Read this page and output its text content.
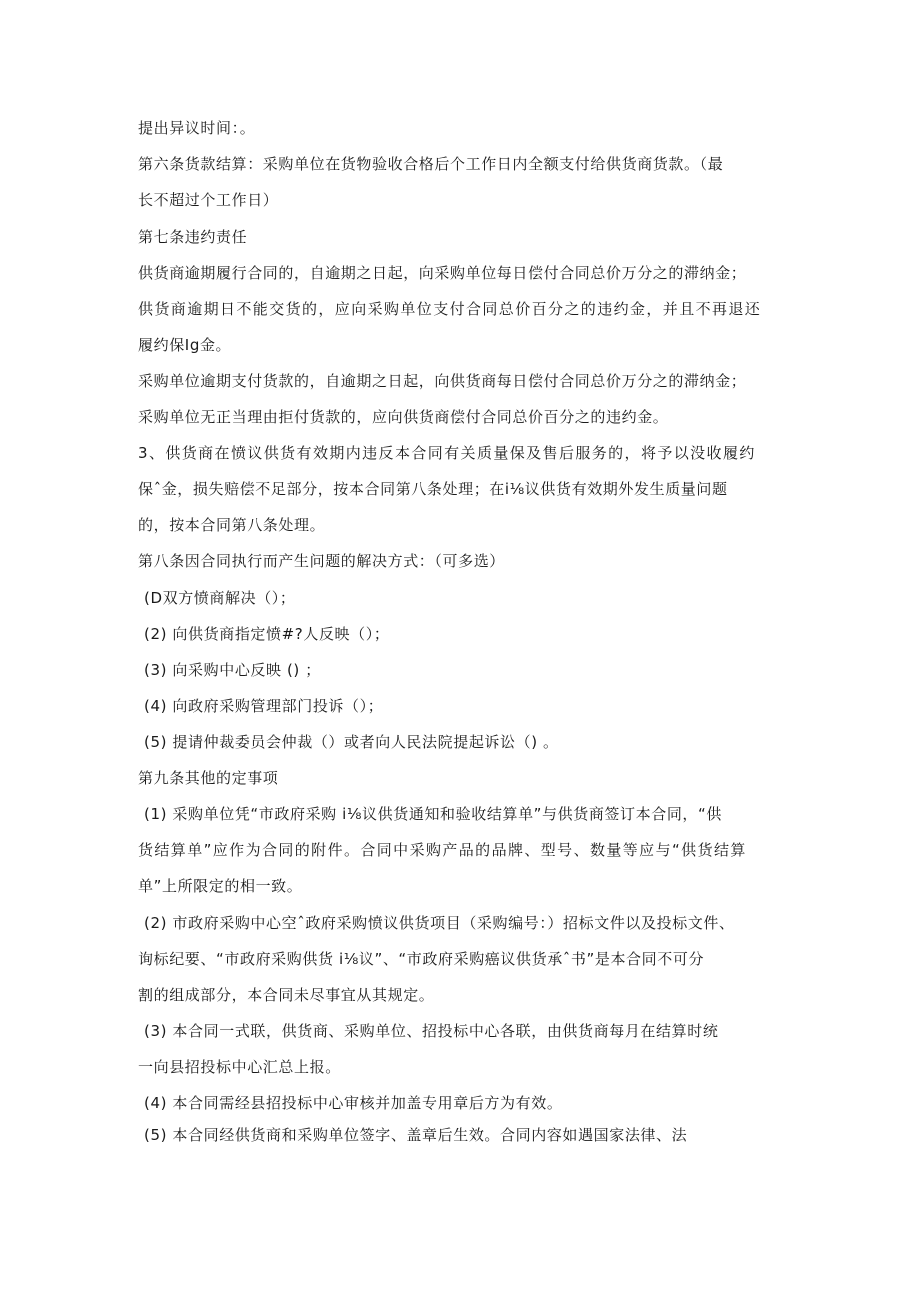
提出异议时间：。
第六条货款结算：采购单位在货物验收合格后个工作日内全额支付给供货商货款。（最
长不超过个工作日）
第七条违约责任
供货商逾期履行合同的，自逾期之日起，向采购单位每日偿付合同总价万分之的滞纳金；
供货商逾期日不能交货的，应向采购单位支付合同总价百分之的违约金，并且不再退还
履约保Ig金。
采购单位逾期支付货款的，自逾期之日起，向供货商每日偿付合同总价万分之的滞纳金；
采购单位无正当理由拒付货款的，应向供货商偿付合同总价百分之的违约金。
3、供货商在愤议供货有效期内违反本合同有关质量保及售后服务的，将予以没收履约
保ˆ金，损失赔偿不足部分，按本合同第八条处理；在i⅛议供货有效期外发生质量问题
的，按本合同第八条处理。
第八条因合同执行而产生问题的解决方式：（可多选）
(D双方愤商解决（）；
(2) 向供货商指定愤#?人反映（）；
(3) 向采购中心反映 () ；
(4) 向政府采购管理部门投诉（）；
(5) 提请仲裁委员会仲裁（）或者向人民法院提起诉讼（) 。
第九条其他的定事项
(1) 采购单位凭“市政府采购 i⅛议供货通知和验收结算单”与供货商签订本合同，“供
货结算单”应作为合同的附件。合同中采购产品的品牌、型号、数量等应与“供货结算
单”上所限定的相一致。
(2) 市政府采购中心空ˆ政府采购愤议供货项目（采购编号：）招标文件以及投标文件、
询标纪要、“市政府采购供货 i⅛议”、“市政府采购癌议供货承ˆ书”是本合同不可分
割的组成部分，本合同未尽事宜从其规定。
(3) 本合同一式联，供货商、采购单位、招投标中心各联，由供货商每月在结算时统
一向县招投标中心汇总上报。
(4) 本合同需经县招投标中心审核并加盖专用章后方为有效。
(5) 本合同经供货商和采购单位签字、盖章后生效。合同内容如遇国家法律、法
